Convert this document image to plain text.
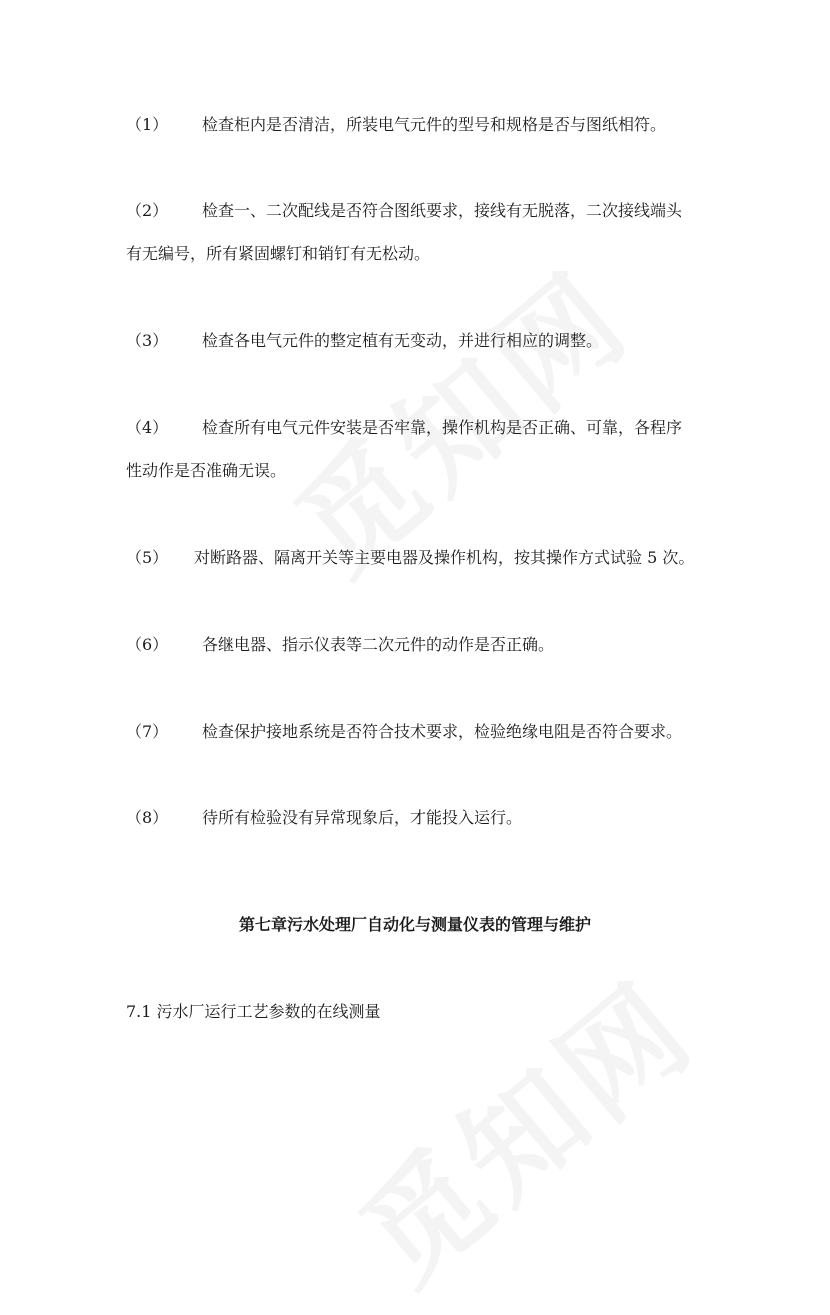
（1） 检查柜内是否清洁，所装电气元件的型号和规格是否与图纸相符。
（2） 检查一、二次配线是否符合图纸要求，接线有无脱落，二次接线端头
有无编号，所有紧固螺钉和销钉有无松动。
（3） 检查各电气元件的整定植有无变动，并进行相应的调整。
（4） 检查所有电气元件安装是否牢靠，操作机构是否正确、可靠，各程序
性动作是否准确无误。
（5） 对断路器、隔离开关等主要电器及操作机构，按其操作方式试验 5 次。
（6） 各继电器、指示仪表等二次元件的动作是否正确。
（7） 检查保护接地系统是否符合技术要求，检验绝缘电阻是否符合要求。
（8） 待所有检验没有异常现象后，才能投入运行。
第七章污水处理厂自动化与测量仪表的管理与维护
7.1 污水厂运行工艺参数的在线测量
